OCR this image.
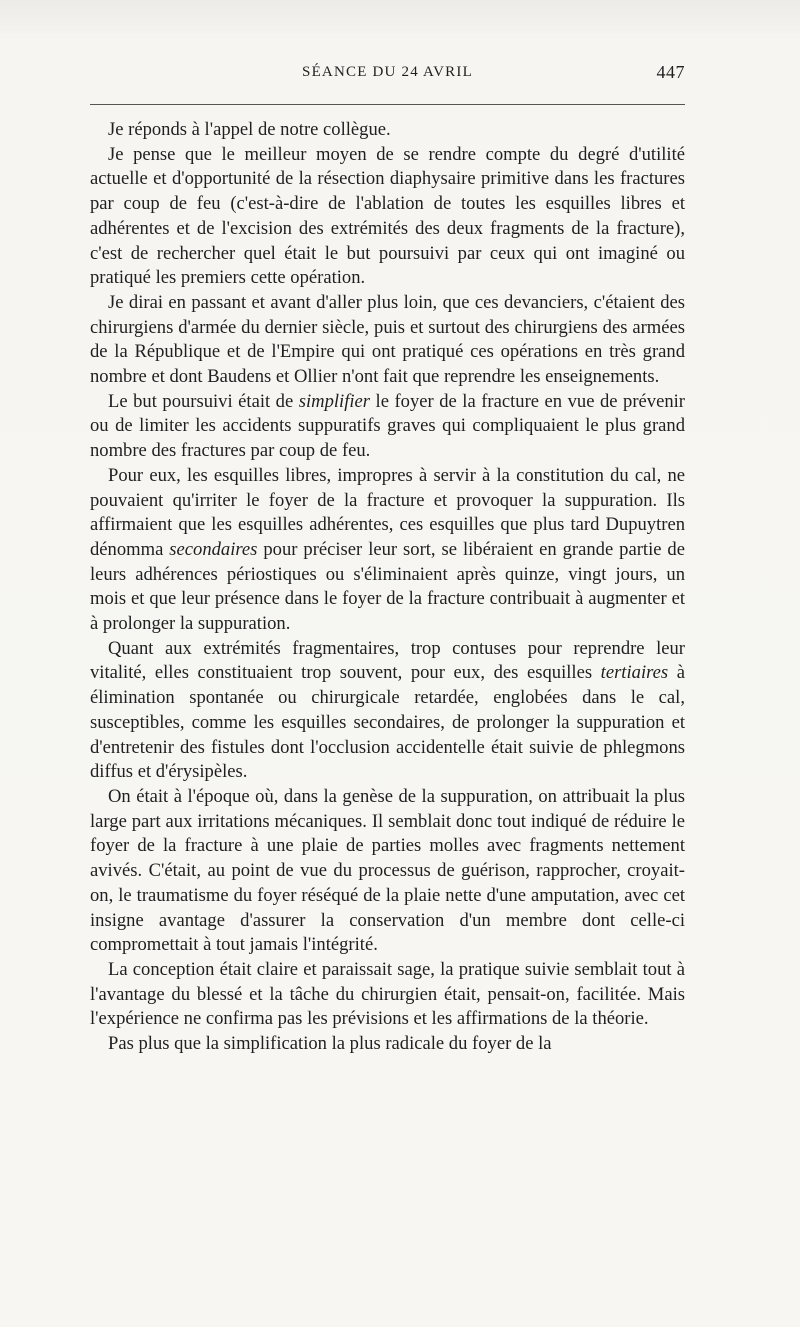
SÉANCE DU 24 AVRIL	447

Je réponds à l'appel de notre collègue.

Je pense que le meilleur moyen de se rendre compte du degré d'utilité actuelle et d'opportunité de la résection diaphysaire primitive dans les fractures par coup de feu (c'est-à-dire de l'ablation de toutes les esquilles libres et adhérentes et de l'excision des extrémités des deux fragments de la fracture), c'est de rechercher quel était le but poursuivi par ceux qui ont imaginé ou pratiqué les premiers cette opération.

Je dirai en passant et avant d'aller plus loin, que ces devanciers, c'étaient des chirurgiens d'armée du dernier siècle, puis et surtout des chirurgiens des armées de la République et de l'Empire qui ont pratiqué ces opérations en très grand nombre et dont Baudens et Ollier n'ont fait que reprendre les enseignements.

Le but poursuivi était de simplifier le foyer de la fracture en vue de prévenir ou de limiter les accidents suppuratifs graves qui compliquaient le plus grand nombre des fractures par coup de feu.

Pour eux, les esquilles libres, impropres à servir à la constitution du cal, ne pouvaient qu'irriter le foyer de la fracture et provoquer la suppuration. Ils affirmaient que les esquilles adhérentes, ces esquilles que plus tard Dupuytren dénomma secondaires pour préciser leur sort, se libéraient en grande partie de leurs adhérences périostiques ou s'éliminaient après quinze, vingt jours, un mois et que leur présence dans le foyer de la fracture contribuait à augmenter et à prolonger la suppuration.

Quant aux extrémités fragmentaires, trop contuses pour reprendre leur vitalité, elles constituaient trop souvent, pour eux, des esquilles tertiaires à élimination spontanée ou chirurgicale retardée, englobées dans le cal, susceptibles, comme les esquilles secondaires, de prolonger la suppuration et d'entretenir des fistules dont l'occlusion accidentelle était suivie de phlegmons diffus et d'érysipèles.

On était à l'époque où, dans la genèse de la suppuration, on attribuait la plus large part aux irritations mécaniques. Il semblait donc tout indiqué de réduire le foyer de la fracture à une plaie de parties molles avec fragments nettement avivés. C'était, au point de vue du processus de guérison, rapprocher, croyait-on, le traumatisme du foyer réséqué de la plaie nette d'une amputation, avec cet insigne avantage d'assurer la conservation d'un membre dont celle-ci compromettait à tout jamais l'intégrité.

La conception était claire et paraissait sage, la pratique suivie semblait tout à l'avantage du blessé et la tâche du chirurgien était, pensait-on, facilitée. Mais l'expérience ne confirma pas les prévisions et les affirmations de la théorie.

Pas plus que la simplification la plus radicale du foyer de la
